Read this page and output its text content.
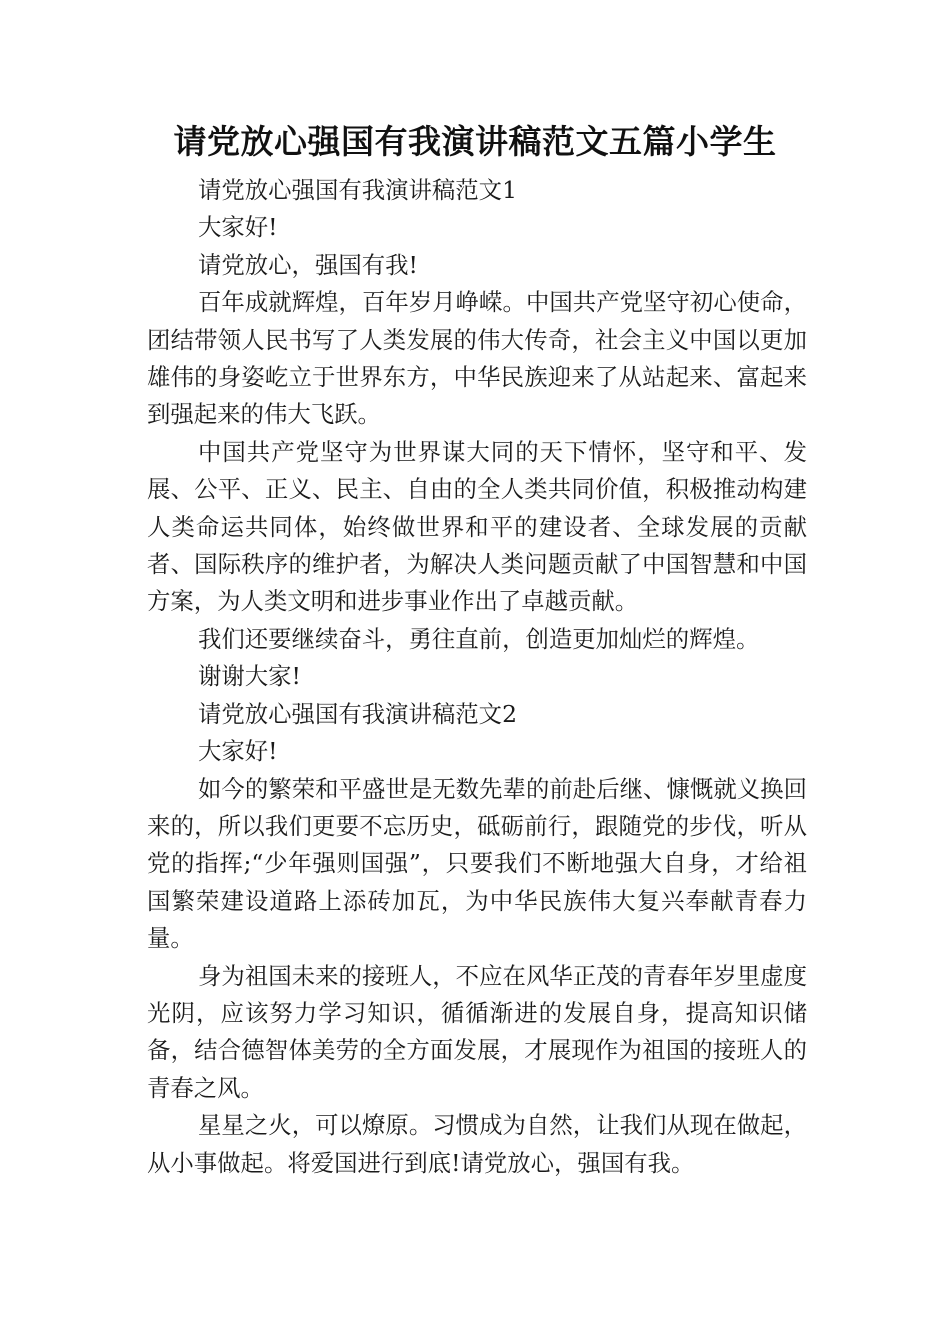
请党放心强国有我演讲稿范文五篇小学生

请党放心强国有我演讲稿范文1

大家好!

请党放心，强国有我!

百年成就辉煌，百年岁月峥嵘。中国共产党坚守初心使命，团结带领人民书写了人类发展的伟大传奇，社会主义中国以更加雄伟的身姿屹立于世界东方，中华民族迎来了从站起来、富起来到强起来的伟大飞跃。

中国共产党坚守为世界谋大同的天下情怀，坚守和平、发展、公平、正义、民主、自由的全人类共同价值，积极推动构建人类命运共同体，始终做世界和平的建设者、全球发展的贡献者、国际秩序的维护者，为解决人类问题贡献了中国智慧和中国方案，为人类文明和进步事业作出了卓越贡献。

我们还要继续奋斗，勇往直前，创造更加灿烂的辉煌。

谢谢大家!

请党放心强国有我演讲稿范文2

大家好!

如今的繁荣和平盛世是无数先辈的前赴后继、慷慨就义换回来的，所以我们更要不忘历史，砥砺前行，跟随党的步伐，听从党的指挥;“少年强则国强”，只要我们不断地强大自身，才给祖国繁荣建设道路上添砖加瓦，为中华民族伟大复兴奉献青春力量。

身为祖国未来的接班人，不应在风华正茂的青春年岁里虚度光阴，应该努力学习知识，循循渐进的发展自身，提高知识储备，结合德智体美劳的全方面发展，才展现作为祖国的接班人的青春之风。

星星之火，可以燎原。习惯成为自然，让我们从现在做起，从小事做起。将爱国进行到底!请党放心，强国有我。
